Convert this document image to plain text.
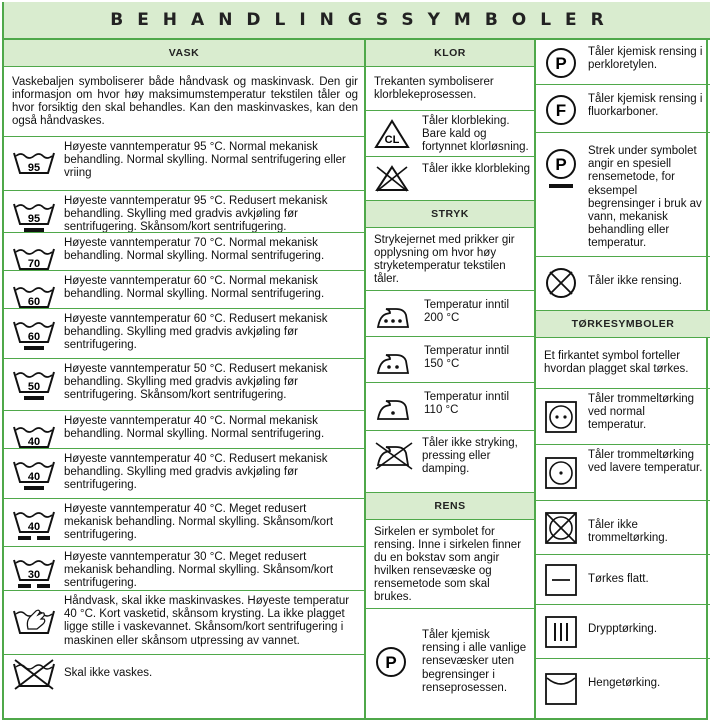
BEHANDLINGSSYMBOLER
VASK
Vaskebaljen symboliserer både håndvask og maskinvask. Den gir informasjon om hvor høy maksimumstemperatur tekstilen tåler og hvor forsiktig den skal behandles. Kan den maskinvaskes, kan den også håndvaskes.
95
Høyeste vanntemperatur 95 °C. Normal mekanisk behandling. Normal skylling. Normal sentrifugering eller vriing
95
Høyeste vanntemperatur 95 °C. Redusert mekanisk behandling. Skylling med gradvis avkjøling før sentrifugering. Skånsom/kort sentrifugering.
70
Høyeste vanntemperatur 70 °C. Normal mekanisk behandling. Normal skylling. Normal sentrifugering.
60
Høyeste vanntemperatur 60 °C. Normal mekanisk behandling. Normal skylling. Normal sentrifugering.
60
Høyeste vanntemperatur 60 °C. Redusert mekanisk behandling. Skylling med gradvis avkjøling før sentrifugering.
50
Høyeste vanntemperatur 50 °C. Redusert mekanisk behandling. Skylling med gradvis avkjøling før sentrifugering. Skånsom/kort sentrifugering.
40
Høyeste vanntemperatur 40 °C. Normal mekanisk behandling. Normal skylling. Normal sentrifugering.
40
Høyeste vanntemperatur 40 °C. Redusert mekanisk behandling. Skylling med gradvis avkjøling før sentrifugering.
40
Høyeste vanntemperatur 40 °C. Meget redusert mekanisk behandling. Normal skylling. Skånsom/kort sentrifugering.
30
Høyeste vanntemperatur 30 °C. Meget redusert mekanisk behandling. Normal skylling. Skånsom/kort sentrifugering.
Håndvask, skal ikke maskinvaskes. Høyeste temperatur 40 °C. Kort vasketid, skånsom krysting. La ikke plagget ligge stille i vaskevannet. Skånsom/kort sentrifugering i maskinen eller skånsom utpressing av vannet.
Skal ikke vaskes.
KLOR
Trekanten symboliserer klorblekeprosessen.
CL
Tåler klorbleking. Bare kald og fortynnet klorløsning.
Tåler ikke klorbleking
STRYK
Strykejernet med prikker gir opplysning om hvor høy stryketemperatur tekstilen tåler.
Temperatur inntil 200 °C
Temperatur inntil 150 °C
Temperatur inntil 110 °C
Tåler ikke stryking, pressing eller damping.
RENS
Sirkelen er symbolet for rensing. Inne i sirkelen finner du en bokstav som angir hvilken rensevæske og rensemetode som skal brukes.
P
Tåler kjemisk rensing i alle vanlige rensevæsker uten begrensinger i renseprosessen.
P
Tåler kjemisk rensing i perkloretylen.
F
Tåler kjemisk rensing i fluorkarboner.
P
Strek under symbolet angir en spesiell rensemetode, for eksempel begrensinger i bruk av vann, mekanisk behandling eller temperatur.
Tåler ikke rensing.
TØRKESYMBOLER
Et firkantet symbol forteller hvordan plagget skal tørkes.
Tåler trommeltørking ved normal temperatur.
Tåler trommeltørking ved lavere temperatur.
Tåler ikke trommeltørking.
Tørkes flatt.
Drypptørking.
Hengetørking.
